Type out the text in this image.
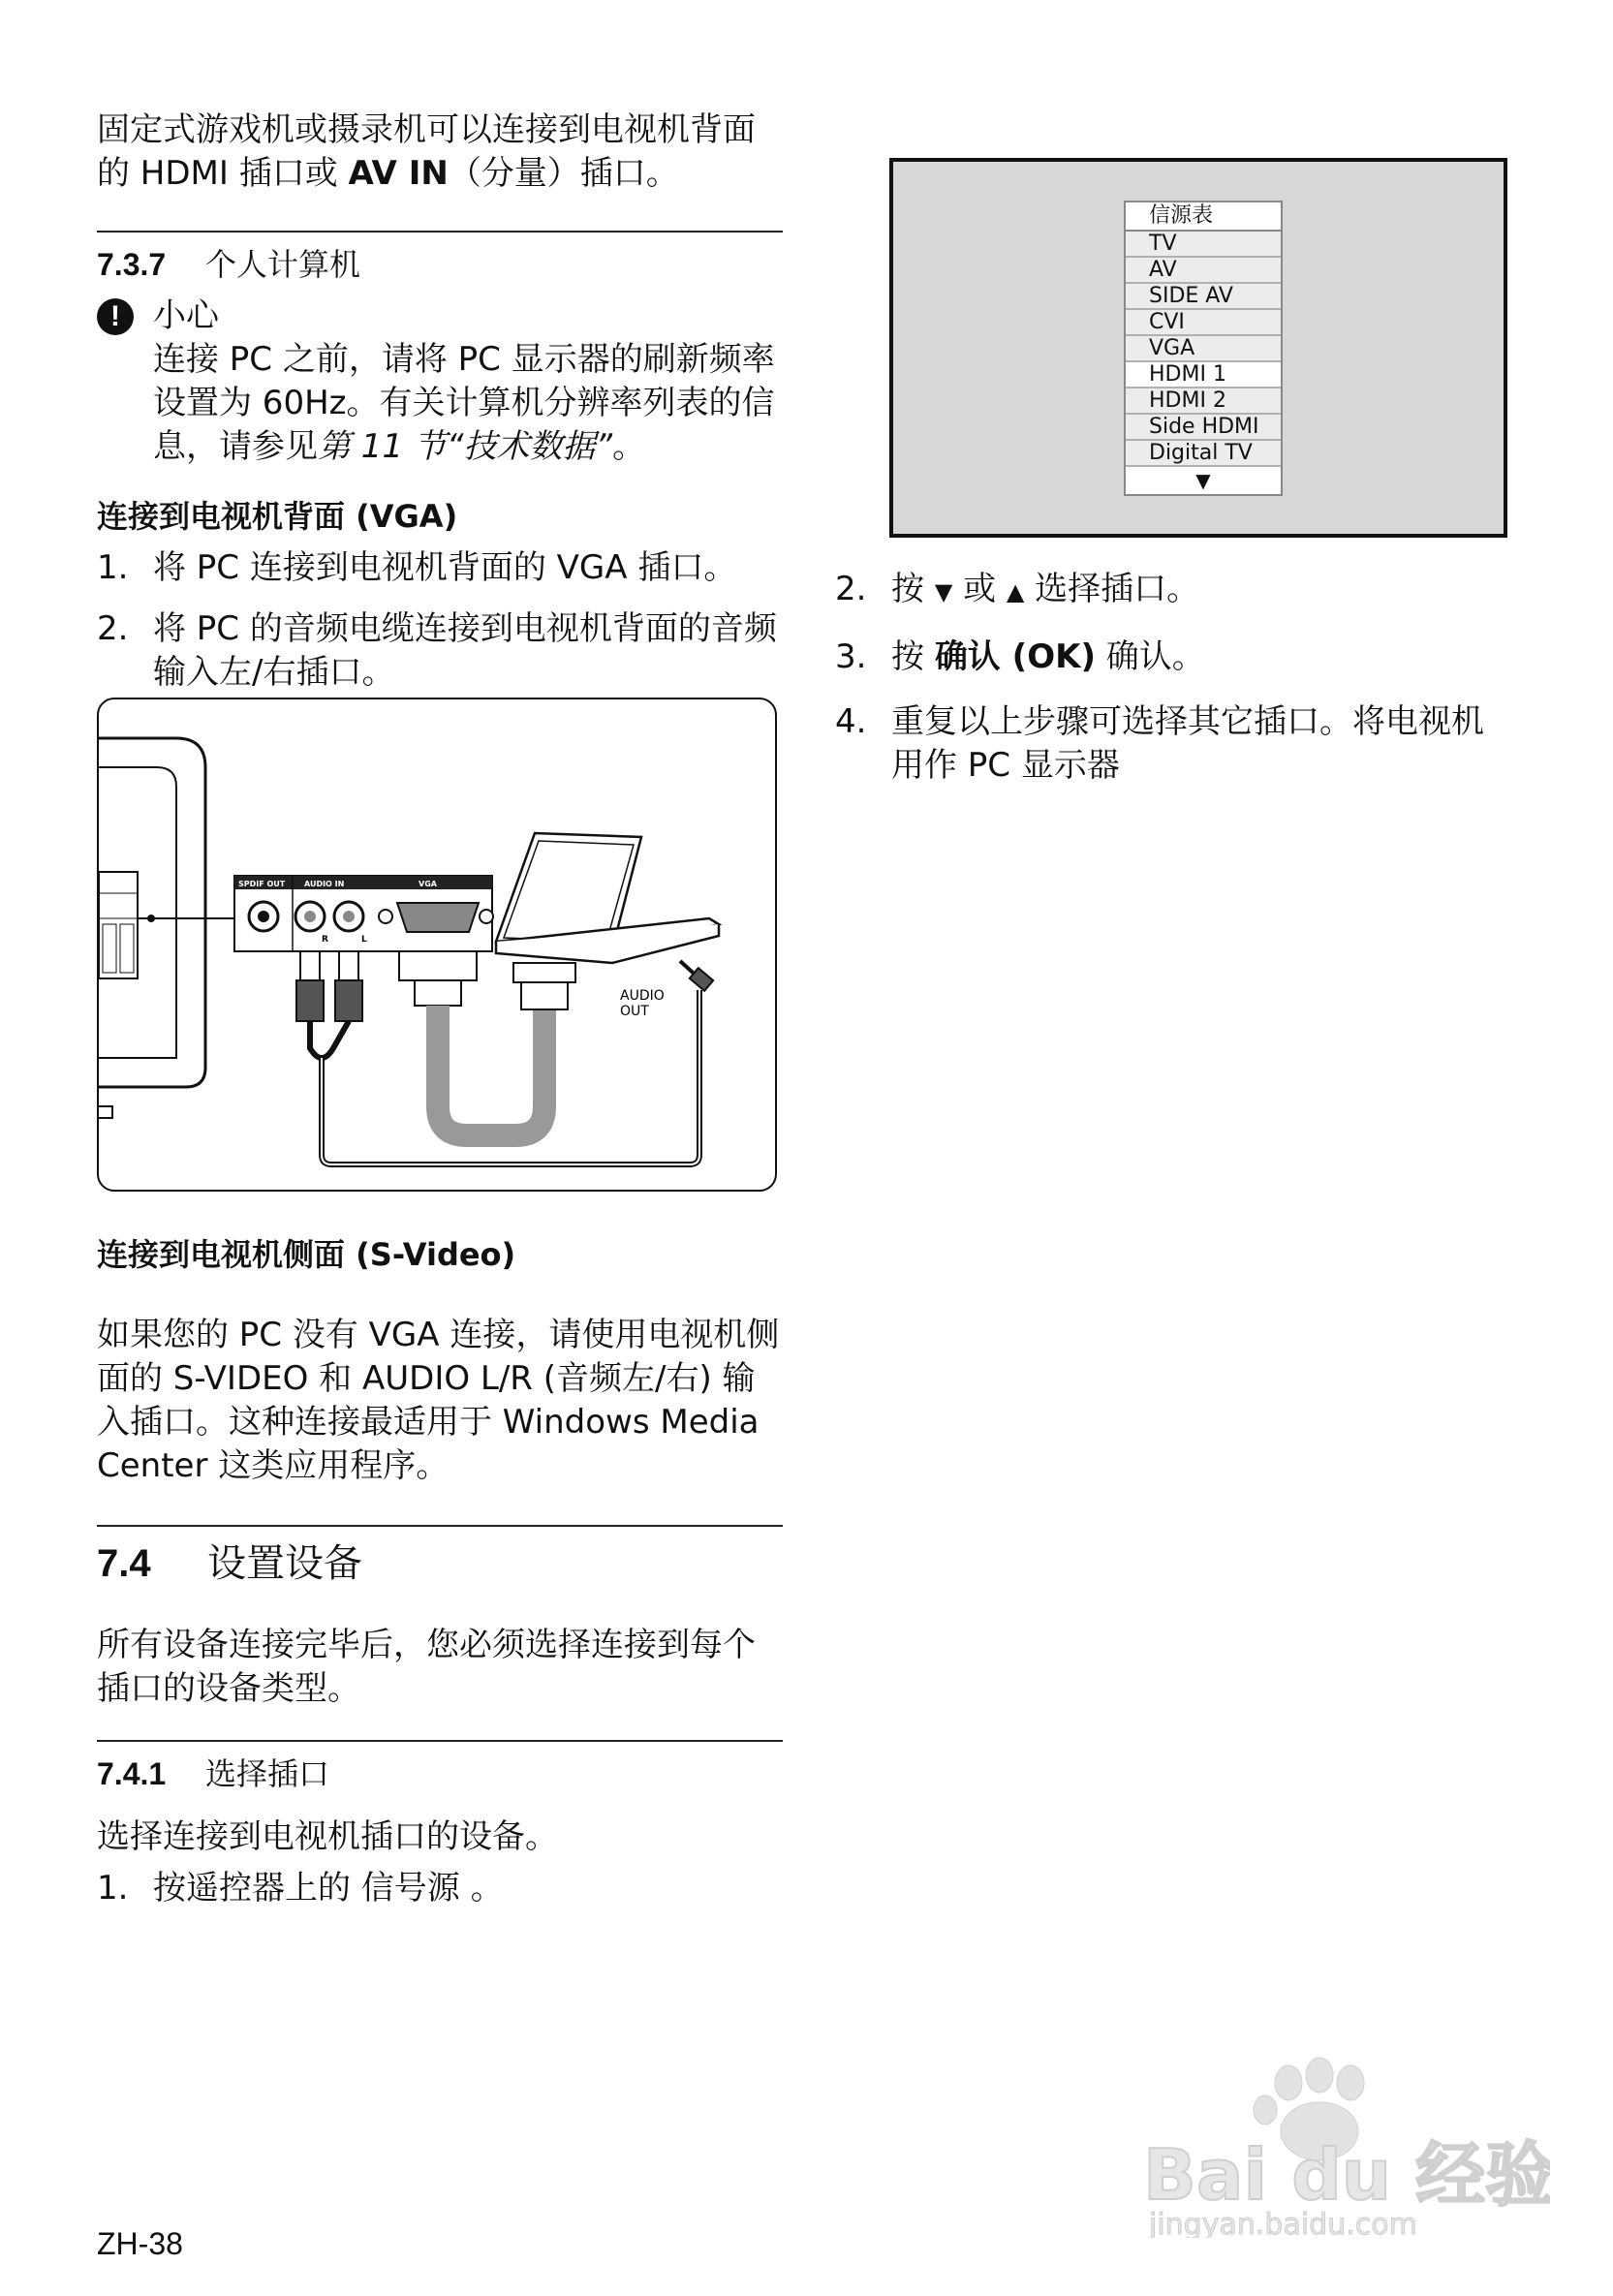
固定式游戏机或摄录机可以连接到电视机背面的 HDMI 插口或 AV IN（分量）插口。

7.3.7 个人计算机
!	小心

连接 PC 之前，请将 PC 显示器的刷新频率设置为 60Hz。有关计算机分辨率列表的信息，请参见第 11 节“技术数据”。

连接到电视机背面 (VGA)
1. 将 PC 连接到电视机背面的 VGA 插口。
2. 将 PC 的音频电缆连接到电视机背面的音频输入左/右插口。
SPDIF OUT AUDIO IN	VGA
R	L
AUDIO
OUT
连接到电视机侧面 (S-Video)

如果您的 PC 没有 VGA 连接，请使用电视机侧面的 S-VIDEO 和 AUDIO L/R (音频左/右) 输入插口。这种连接最适用于 Windows Media Center 这类应用程序。

7.4 设置设备

所有设备连接完毕后，您必须选择连接到每个插口的设备类型。

7.4.1 选择插口

选择连接到电视机插口的设备。

1. 按遥控器上的 信号源 。
信源表
TV
AV
SIDE AV
CVI
VGA
HDMI 1
HDMI 2
Side HDMI
Digital TV
▼
2. 按 ▼ 或 ▲ 选择插口。
3. 按 确认 (OK) 确认。
4. 重复以上步骤可选择其它插口。将电视机用作 PC 显示器
ZH-38
Bai du 经验
jingyan.baidu.com
